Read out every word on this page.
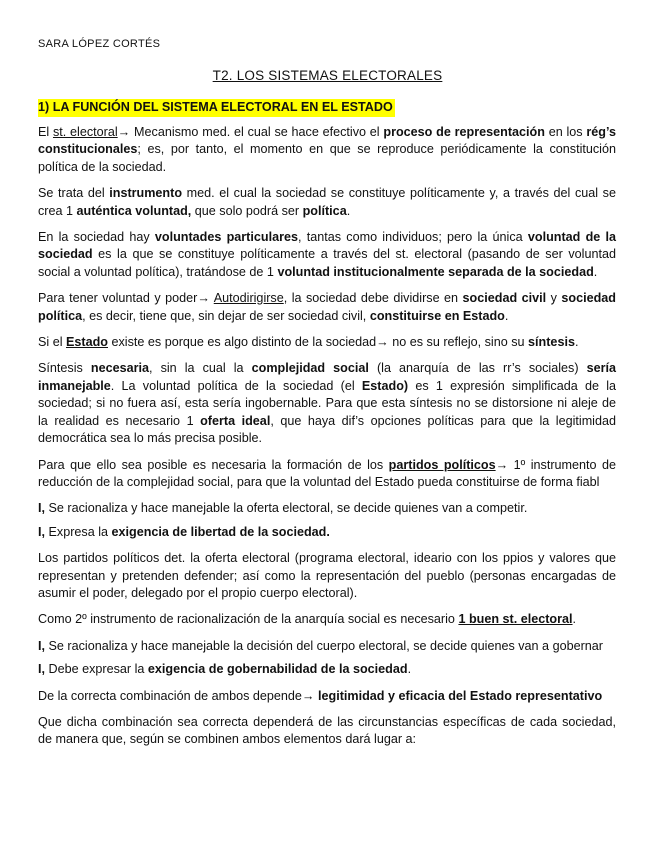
SARA LÓPEZ CORTÉS
T2. LOS SISTEMAS ELECTORALES
1) LA FUNCIÓN DEL SISTEMA ELECTORAL EN EL ESTADO

El st. electoral→ Mecanismo med. el cual se hace efectivo el proceso de representación en los rég’s constitucionales; es, por tanto, el momento en que se reproduce periódicamente la constitución política de la sociedad.

Se trata del instrumento med. el cual la sociedad se constituye políticamente y, a través del cual se crea 1 auténtica voluntad, que solo podrá ser política.

En la sociedad hay voluntades particulares, tantas como individuos; pero la única voluntad de la sociedad es la que se constituye políticamente a través del st. electoral (pasando de ser voluntad social a voluntad política), tratándose de 1 voluntad institucionalmente separada de la sociedad.

Para tener voluntad y poder→ Autodirigirse, la sociedad debe dividirse en sociedad civil y sociedad política, es decir, tiene que, sin dejar de ser sociedad civil, constituirse en Estado.

Si el Estado existe es porque es algo distinto de la sociedad→ no es su reflejo, sino su síntesis.

Síntesis necesaria, sin la cual la complejidad social (la anarquía de las rr’s sociales) sería inmanejable. La voluntad política de la sociedad (el Estado) es 1 expresión simplificada de la sociedad; si no fuera así, esta sería ingobernable. Para que esta síntesis no se distorsione ni aleje de la realidad es necesario 1 oferta ideal, que haya dif’s opciones políticas para que la legitimidad democrática sea lo más precisa posible.

Para que ello sea posible es necesaria la formación de los partidos políticos→ 1º instrumento de reducción de la complejidad social, para que la voluntad del Estado pueda constituirse de forma fiabl

I, Se racionaliza y hace manejable la oferta electoral, se decide quienes van a competir.

I, Expresa la exigencia de libertad de la sociedad.

Los partidos políticos det. la oferta electoral (programa electoral, ideario con los ppios y valores que representan y pretenden defender; así como la representación del pueblo (personas encargadas de asumir el poder, delegado por el propio cuerpo electoral).

Como 2º instrumento de racionalización de la anarquía social es necesario 1 buen st. electoral.

I, Se racionaliza y hace manejable la decisión del cuerpo electoral, se decide quienes van a gobernar

I, Debe expresar la exigencia de gobernabilidad de la sociedad.

De la correcta combinación de ambos depende→ legitimidad y eficacia del Estado representativo

Que dicha combinación sea correcta dependerá de las circunstancias específicas de cada sociedad, de manera que, según se combinen ambos elementos dará lugar a:
